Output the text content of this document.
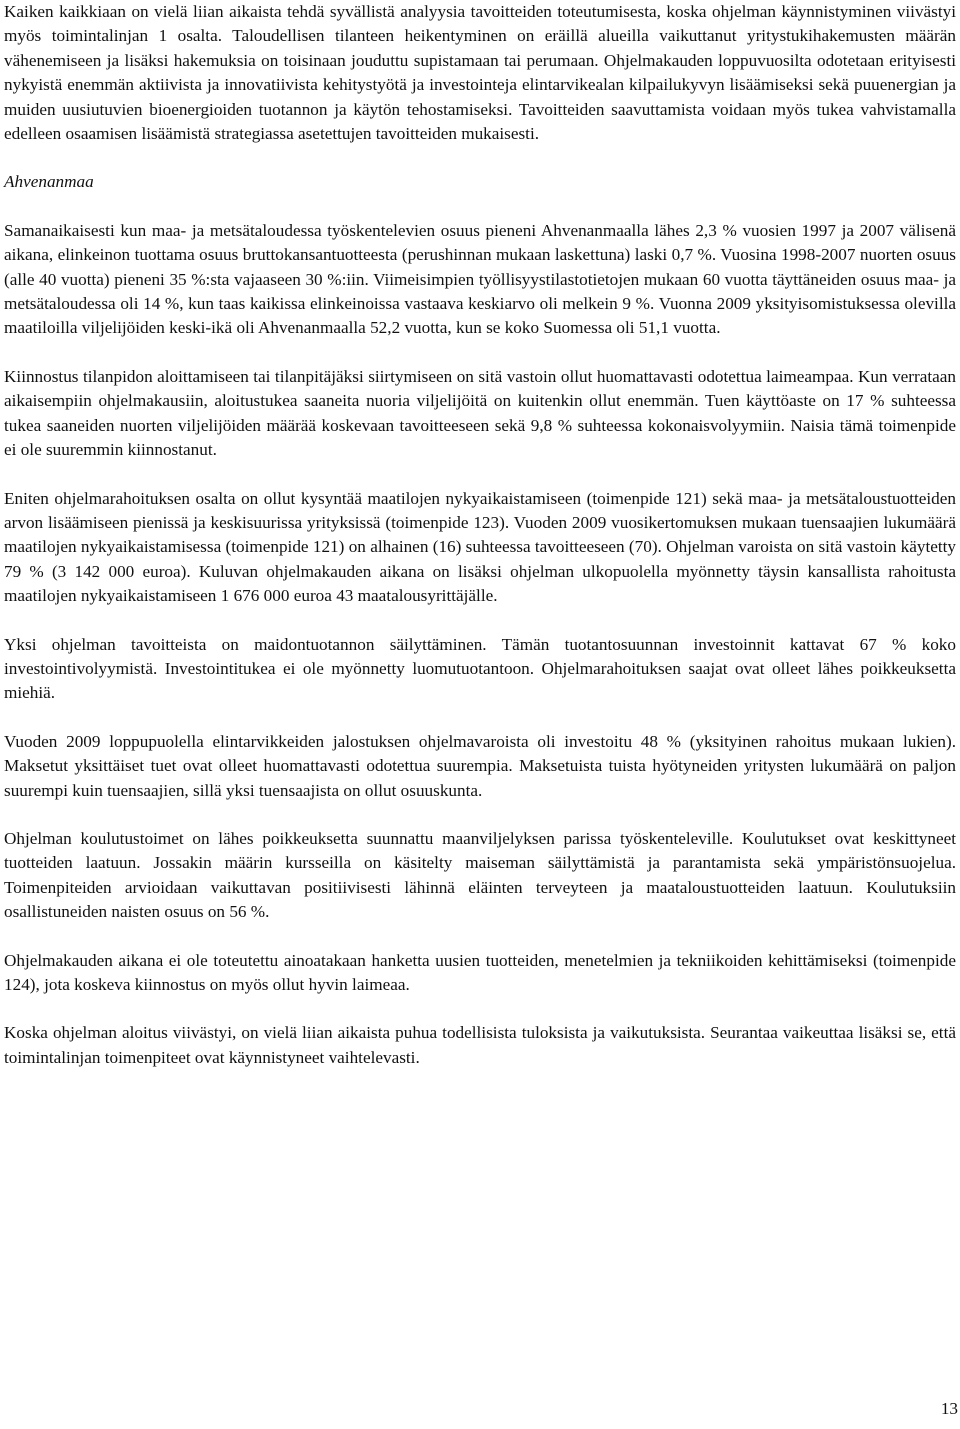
Kaiken kaikkiaan on vielä liian aikaista tehdä syvällistä analyysia tavoitteiden toteutumisesta, koska ohjelman käynnistyminen viivästyi myös toimintalinjan 1 osalta. Taloudellisen tilanteen heikentyminen on eräillä alueilla vaikuttanut yritystukihakemusten määrän vähenemiseen ja lisäksi hakemuksia on toisinaan jouduttu supistamaan tai perumaan. Ohjelmakauden loppuvuosilta odotetaan erityisesti nykyistä enemmän aktiivista ja innovatiivista kehitystyötä ja investointeja elintarvikealan kilpailukyvyn lisäämiseksi sekä puuenergian ja muiden uusiutuvien bioenergioiden tuotannon ja käytön tehostamiseksi. Tavoitteiden saavuttamista voidaan myös tukea vahvistamalla edelleen osaamisen lisäämistä strategiassa asetettujen tavoitteiden mukaisesti.

Ahvenanmaa

Samanaikaisesti kun maa- ja metsätaloudessa työskentelevien osuus pieneni Ahvenanmaalla lähes 2,3 % vuosien 1997 ja 2007 välisenä aikana, elinkeinon tuottama osuus bruttokansantuotteesta (perushinnan mukaan laskettuna) laski 0,7 %. Vuosina 1998-2007 nuorten osuus (alle 40 vuotta) pieneni 35 %:sta vajaaseen 30 %:iin. Viimeisimpien työllisyystilastotietojen mukaan 60 vuotta täyttäneiden osuus maa- ja metsätaloudessa oli 14 %, kun taas kaikissa elinkeinoissa vastaava keskiarvo oli melkein 9 %. Vuonna 2009 yksityisomistuksessa olevilla maatiloilla viljelijöiden keski-ikä oli Ahvenanmaalla 52,2 vuotta, kun se koko Suomessa oli 51,1 vuotta.

Kiinnostus tilanpidon aloittamiseen tai tilanpitäjäksi siirtymiseen on sitä vastoin ollut huomattavasti odotettua laimeampaa. Kun verrataan aikaisempiin ohjelmakausiin, aloitustukea saaneita nuoria viljelijöitä on kuitenkin ollut enemmän. Tuen käyttöaste on 17 % suhteessa tukea saaneiden nuorten viljelijöiden määrää koskevaan tavoitteeseen sekä 9,8 % suhteessa kokonaisvolyymiin. Naisia tämä toimenpide ei ole suuremmin kiinnostanut.

Eniten ohjelmarahoituksen osalta on ollut kysyntää maatilojen nykyaikaistamiseen (toimenpide 121) sekä maa- ja metsätaloustuotteiden arvon lisäämiseen pienissä ja keskisuurissa yrityksissä (toimenpide 123). Vuoden 2009 vuosikertomuksen mukaan tuensaajien lukumäärä maatilojen nykyaikaistamisessa (toimenpide 121) on alhainen (16) suhteessa tavoitteeseen (70). Ohjelman varoista on sitä vastoin käytetty 79 % (3 142 000 euroa). Kuluvan ohjelmakauden aikana on lisäksi ohjelman ulkopuolella myönnetty täysin kansallista rahoitusta maatilojen nykyaikaistamiseen 1 676 000 euroa 43 maatalousyrittäjälle.

Yksi ohjelman tavoitteista on maidontuotannon säilyttäminen. Tämän tuotantosuunnan investoinnit kattavat 67 % koko investointivolyymistä. Investointitukea ei ole myönnetty luomutuotantoon. Ohjelmarahoituksen saajat ovat olleet lähes poikkeuksetta miehiä.

Vuoden 2009 loppupuolella elintarvikkeiden jalostuksen ohjelmavaroista oli investoitu 48 % (yksityinen rahoitus mukaan lukien). Maksetut yksittäiset tuet ovat olleet huomattavasti odotettua suurempia. Maksetuista tuista hyötyneiden yritysten lukumäärä on paljon suurempi kuin tuensaajien, sillä yksi tuensaajista on ollut osuuskunta.

Ohjelman koulutustoimet on lähes poikkeuksetta suunnattu maanviljelyksen parissa työskenteleville. Koulutukset ovat keskittyneet tuotteiden laatuun. Jossakin määrin kursseilla on käsitelty maiseman säilyttämistä ja parantamista sekä ympäristönsuojelua. Toimenpiteiden arvioidaan vaikuttavan positiivisesti lähinnä eläinten terveyteen ja maataloustuotteiden laatuun. Koulutuksiin osallistuneiden naisten osuus on 56 %.

Ohjelmakauden aikana ei ole toteutettu ainoatakaan hanketta uusien tuotteiden, menetelmien ja tekniikoiden kehittämiseksi (toimenpide 124), jota koskeva kiinnostus on myös ollut hyvin laimeaa.

Koska ohjelman aloitus viivästyi, on vielä liian aikaista puhua todellisista tuloksista ja vaikutuksista. Seurantaa vaikeuttaa lisäksi se, että toimintalinjan toimenpiteet ovat käynnistyneet vaihtelevasti.

13
